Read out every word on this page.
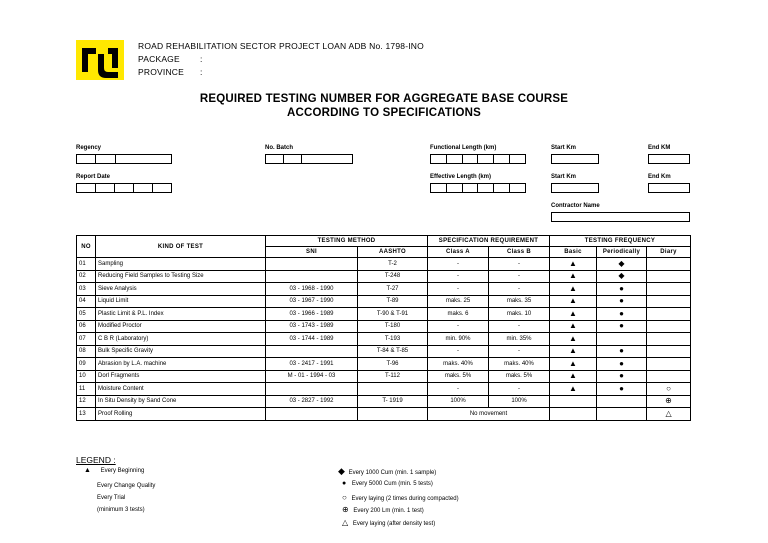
ROAD REHABILITATION SECTOR PROJECT LOAN ADB No. 1798-INO
PACKAGE :
PROVINCE :
REQUIRED TESTING NUMBER FOR AGGREGATE BASE COURSE
ACCORDING TO SPECIFICATIONS
Regency	No. Batch	Functional Length (km)	Start Km	End KM
Report Date	Effective Length (km)	Start Km	End Km
Contractor Name
NO	KIND OF TEST	TESTING METHOD		SPECIFICATION REQUIREMENT		TESTING FREQUENCY		
		SNI	AASHTO	Class A	Class B	Basic	Periodically	Diary
01	Sampling		T-2	-	-	▲	◆	
02	Reducing Field Samples to Testing Size		T-248	-	-	▲	◆	
03	Sieve Analysis	03 - 1968 - 1990	T-27	-	-	▲	●	
04	Liquid Limit	03 - 1967 - 1990	T-89	maks. 25	maks. 35	▲	●	
05	Plastic Limit & P.L. Index	03 - 1966 - 1989	T-90 & T-91	maks. 6	maks. 10	▲	●	
06	Modified Proctor	03 - 1743 - 1989	T-180	-	-	▲	●	
07	C B R (Laboratory)	03 - 1744 - 1989	T-193	min. 90%	min. 35%	▲		
08	Bulk Specific Gravity		T-84 & T-85	-	-	▲	●	
09	Abrasion by L.A. machine	03 - 2417 - 1991	T-96	maks. 40%	maks. 40%	▲	●	
10	Dorl Fragments	M - 01 - 1994 - 03	T-112	maks. 5%	maks. 5%	▲	●	
11	Moisture Content			-	-	▲	●	○
12	In Situ Density by Sand Cone	03 - 2827 - 1992	T- 1919	100%	100%			⊕
13	Proof Rolling			No movement				△
LEGEND :
▲ Every Beginning
Every Change Quality
Every Trial
(minimum 3 tests)
◆ Every 1000 Cum (min. 1 sample)
● Every 5000 Cum (min. 5 tests)
○ Every laying (2 times during compacted)
⊕ Every 200 Lm (min. 1 test)
△ Every laying (after density test)
